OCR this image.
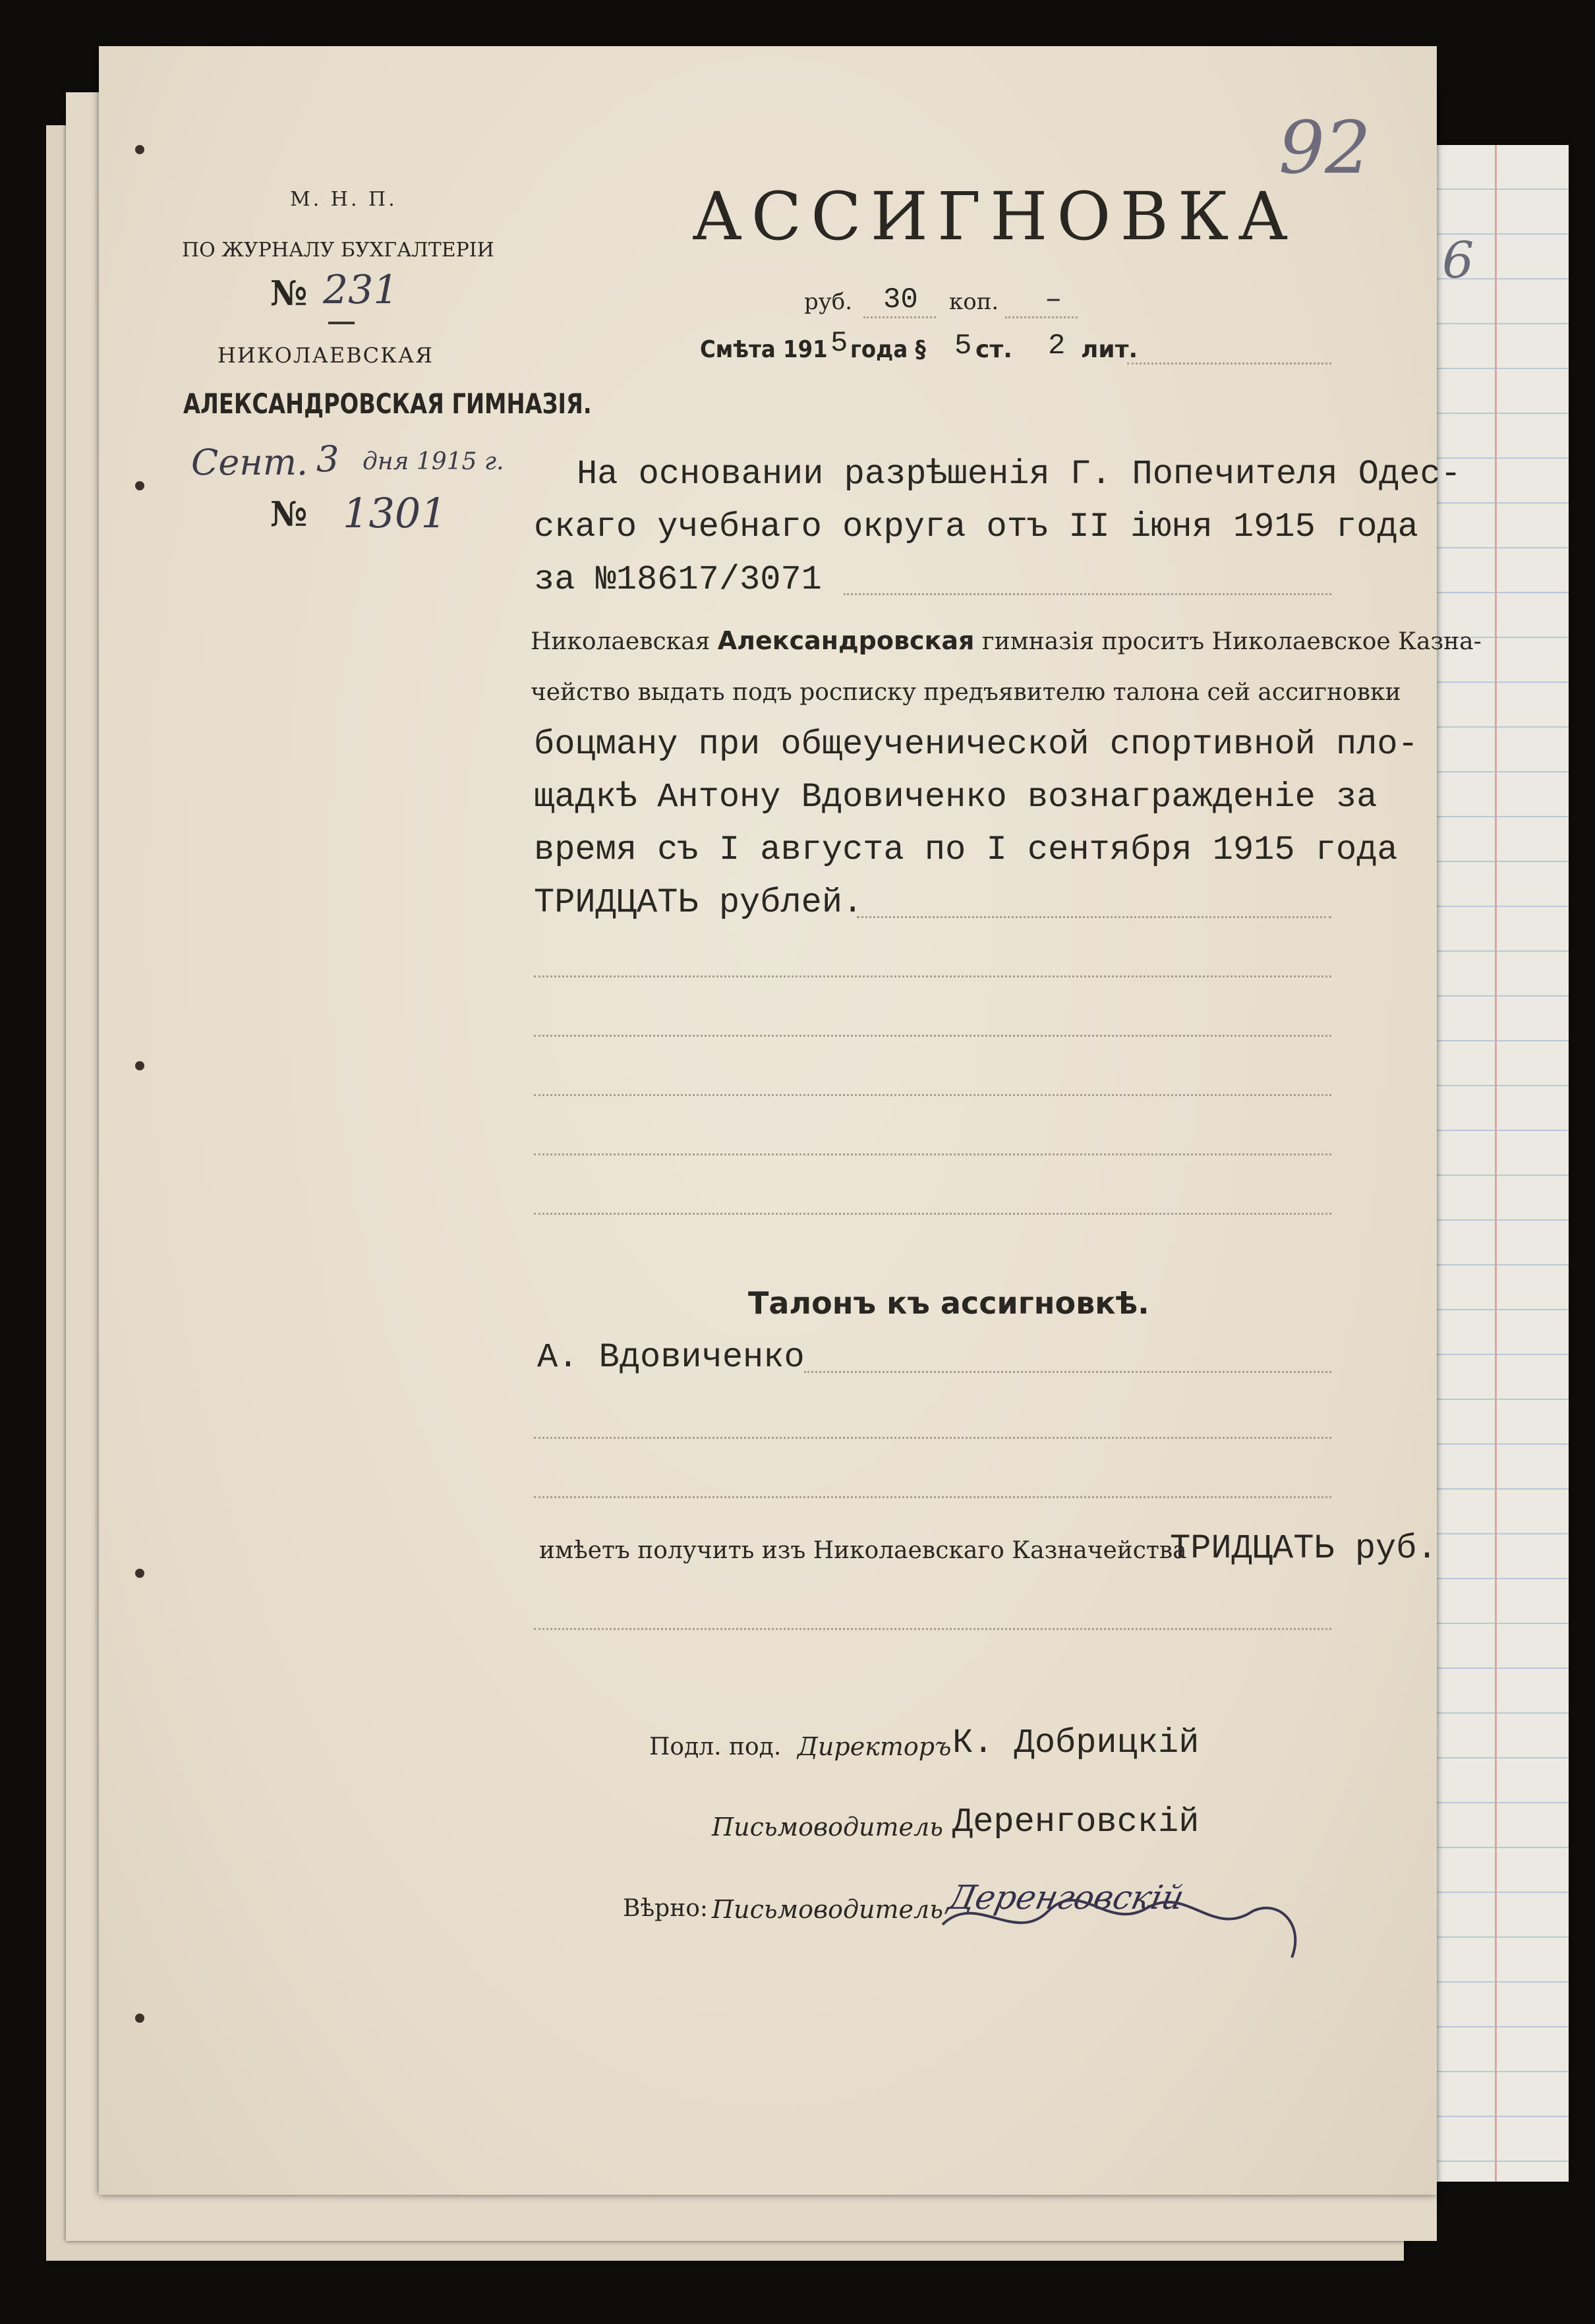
6
92
М. Н. П.
ПО ЖУРНАЛУ БУХГАЛТЕРІИ
№ 231
НИКОЛАЕВСКАЯ
АЛЕКСАНДРОВСКАЯ ГИМНАЗІЯ.
Сент. 3 дня 1915 г.
№ 1301
АССИГНОВКА
руб. 30 коп. –
Смѣта 191 5 года § 5 ст. 2 лит.
На основании разрѣшенія Г. Попечителя Одес-
скаго учебнаго округа отъ II іюня 1915 года
за №18617/3071
Николаевская Александровская гимназія проситъ Николаевское Казна-
чейство выдать подъ росписку предъявителю талона сей ассигновки
боцману при общеученической спортивной пло-
щадкѣ Антону Вдовиченко вознагражденіе за
время съ I августа по I сентября 1915 года
ТРИДЦАТЬ рублей.
Талонъ къ ассигновкѣ.
А. Вдовиченко
имѣетъ получить изъ Николаевскаго Казначейства
ТРИДЦАТЬ руб.
Подл. под. Директоръ К. Добрицкій
Письмоводитель Деренговскій
Вѣрно: Письмоводитель Деренговскій
